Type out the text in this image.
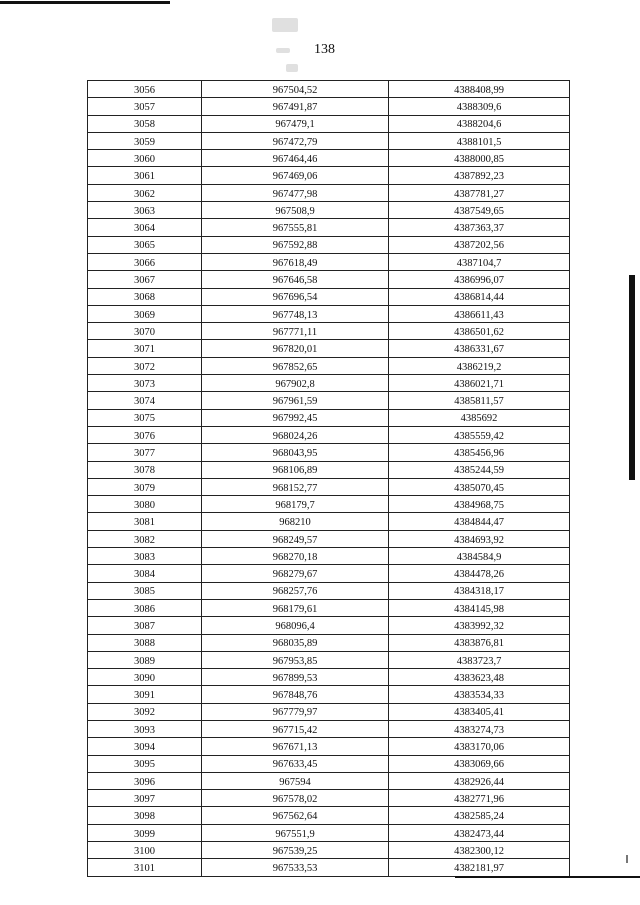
138
3056	967504,52	4388408,99
3057	967491,87	4388309,6
3058	967479,1	4388204,6
3059	967472,79	4388101,5
3060	967464,46	4388000,85
3061	967469,06	4387892,23
3062	967477,98	4387781,27
3063	967508,9	4387549,65
3064	967555,81	4387363,37
3065	967592,88	4387202,56
3066	967618,49	4387104,7
3067	967646,58	4386996,07
3068	967696,54	4386814,44
3069	967748,13	4386611,43
3070	967771,11	4386501,62
3071	967820,01	4386331,67
3072	967852,65	4386219,2
3073	967902,8	4386021,71
3074	967961,59	4385811,57
3075	967992,45	4385692
3076	968024,26	4385559,42
3077	968043,95	4385456,96
3078	968106,89	4385244,59
3079	968152,77	4385070,45
3080	968179,7	4384968,75
3081	968210	4384844,47
3082	968249,57	4384693,92
3083	968270,18	4384584,9
3084	968279,67	4384478,26
3085	968257,76	4384318,17
3086	968179,61	4384145,98
3087	968096,4	4383992,32
3088	968035,89	4383876,81
3089	967953,85	4383723,7
3090	967899,53	4383623,48
3091	967848,76	4383534,33
3092	967779,97	4383405,41
3093	967715,42	4383274,73
3094	967671,13	4383170,06
3095	967633,45	4383069,66
3096	967594	4382926,44
3097	967578,02	4382771,96
3098	967562,64	4382585,24
3099	967551,9	4382473,44
3100	967539,25	4382300,12
3101	967533,53	4382181,97
